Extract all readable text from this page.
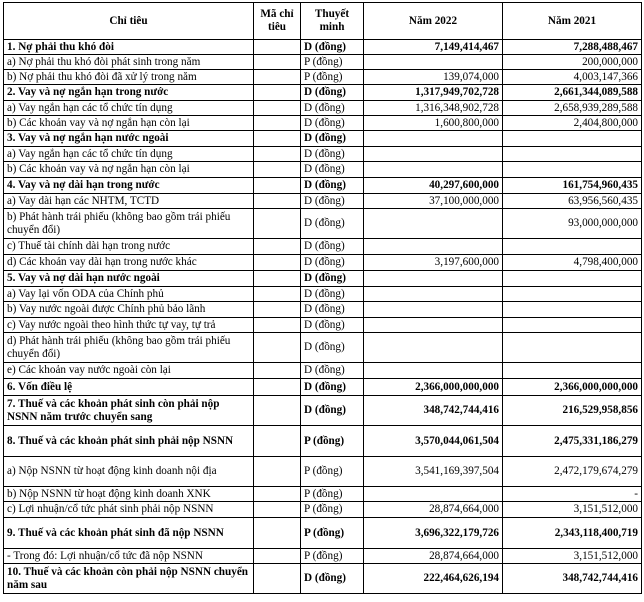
Chỉ tiêu	Mã chỉ tiêu	Thuyết minh	Năm 2022	Năm 2021
1. Nợ phải thu khó đòi		D (đồng)	7,149,414,467	7,288,488,467
a) Nợ phải thu khó đòi phát sinh trong năm		P (đồng)		200,000,000
b) Nợ phải thu khó đòi đã xử lý trong năm		P (đồng)	139,074,000	4,003,147,366
2. Vay và nợ ngắn hạn trong nước		D (đồng)	1,317,949,702,728	2,661,344,089,588
a) Vay ngắn hạn các tổ chức tín dụng		D (đồng)	1,316,348,902,728	2,658,939,289,588
b) Các khoản vay và nợ ngắn hạn còn lại		D (đồng)	1,600,800,000	2,404,800,000
3. Vay và nợ ngắn hạn nước ngoài		D (đồng)		
a) Vay ngắn hạn các tổ chức tín dụng		D (đồng)		
b) Các khoản vay và nợ ngắn hạn còn lại		D (đồng)		
4. Vay và nợ dài hạn trong nước		D (đồng)	40,297,600,000	161,754,960,435
a) Vay dài hạn các NHTM, TCTD		D (đồng)	37,100,000,000	63,956,560,435
b) Phát hành trái phiếu (không bao gồm trái phiếu chuyển đổi)		D (đồng)		93,000,000,000
c) Thuế tài chính dài hạn trong nước		D (đồng)		
d) Các khoản vay dài hạn trong nước khác		D (đồng)	3,197,600,000	4,798,400,000
5. Vay và nợ dài hạn nước ngoài		D (đồng)		
a) Vay lại vốn ODA của Chính phủ		D (đồng)		
b) Vay nước ngoài được Chính phủ bảo lãnh		D (đồng)		
c) Vay nước ngoài theo hình thức tự vay, tự trả		D (đồng)		
d) Phát hành trái phiếu (không bao gồm trái phiếu chuyển đổi)		D (đồng)		
e) Các khoản vay nước ngoài còn lại		D (đồng)		
6. Vốn điều lệ		D (đồng)	2,366,000,000,000	2,366,000,000,000
7. Thuế và các khoản phát sinh còn phải nộp NSNN năm trước chuyển sang		D (đồng)	348,742,744,416	216,529,958,856
8. Thuế và các khoản phát sinh phải nộp NSNN		P (đồng)	3,570,044,061,504	2,475,331,186,279
a) Nộp NSNN từ hoạt động kinh doanh nội địa		P (đồng)	3,541,169,397,504	2,472,179,674,279
b) Nộp NSNN từ hoạt động kinh doanh XNK		P (đồng)		-
c) Lợi nhuận/cổ tức phát sinh phải nộp NSNN		P (đồng)	28,874,664,000	3,151,512,000
9. Thuế và các khoản phát sinh đã nộp NSNN		P (đồng)	3,696,322,179,726	2,343,118,400,719
- Trong đó: Lợi nhuận/cổ tức đã nộp NSNN		P (đồng)	28,874,664,000	3,151,512,000
10. Thuế và các khoản còn phải nộp NSNN chuyển năm sau		D (đồng)	222,464,626,194	348,742,744,416
